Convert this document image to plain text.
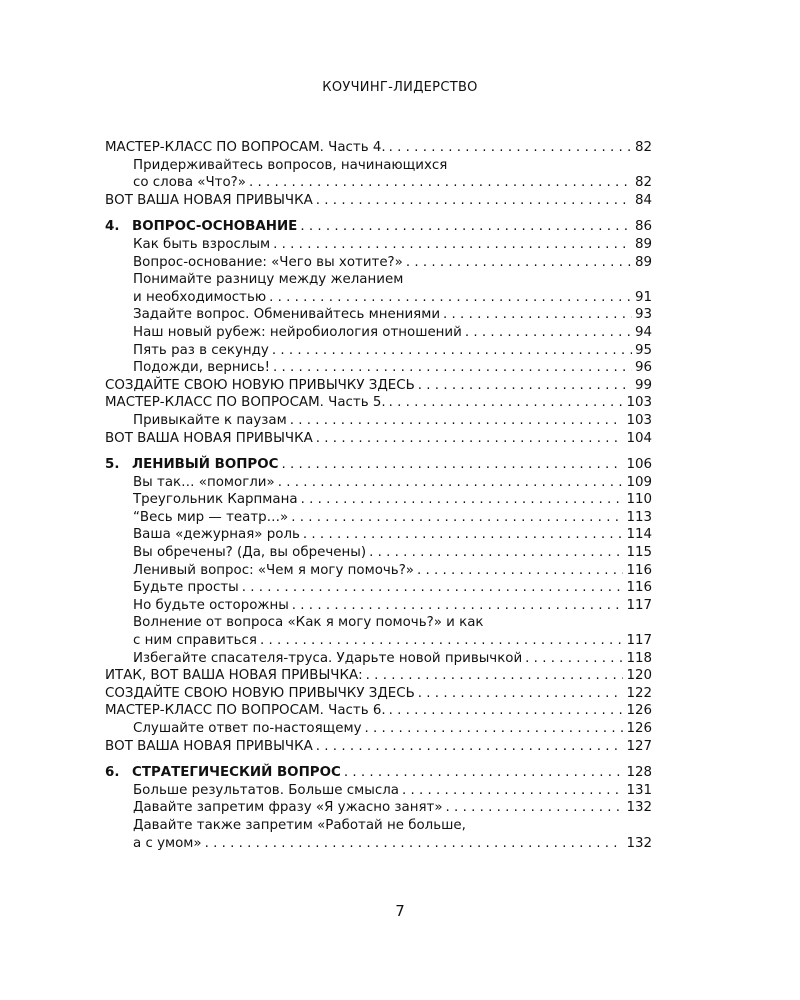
КОУЧИНГ-ЛИДЕРСТВО
МАСТЕР-КЛАСС ПО ВОПРОСАМ. Часть 4. . . .	82
Придерживайтесь вопросов, начинающихся
со слова «Что?» . . .	82
ВОТ ВАША НОВАЯ ПРИВЫЧКА . . .	84
4. ВОПРОС-ОСНОВАНИЕ . . .	86
Как быть взрослым . . .	89
Вопрос-основание: «Чего вы хотите?» . . .	89
Понимайте разницу между желанием
и необходимостью . . .	91
Задайте вопрос. Обменивайтесь мнениями . . .	93
Наш новый рубеж: нейробиология отношений . . .	94
Пять раз в секунду . . .	95
Подожди, вернись! . . .	96
СОЗДАЙТЕ СВОЮ НОВУЮ ПРИВЫЧКУ ЗДЕСЬ . . .	99
МАСТЕР-КЛАСС ПО ВОПРОСАМ. Часть 5. . . .	103
Привыкайте к паузам . . .	103
ВОТ ВАША НОВАЯ ПРИВЫЧКА . . .	104
5. ЛЕНИВЫЙ ВОПРОС . . .	106
Вы так… «помогли» . . .	109
Треугольник Карпмана . . .	110
“Весь мир — театр…» . . .	113
Ваша «дежурная» роль . . .	114
Вы обречены? (Да, вы обречены) . . .	115
Ленивый вопрос: «Чем я могу помочь?» . . .	116
Будьте просты . . .	116
Но будьте осторожны . . .	117
Волнение от вопроса «Как я могу помочь?» и как
с ним справиться . . .	117
Избегайте спасателя-труса. Ударьте новой привычкой . . .	118
ИТАК, ВОТ ВАША НОВАЯ ПРИВЫЧКА: . . .	120
СОЗДАЙТЕ СВОЮ НОВУЮ ПРИВЫЧКУ ЗДЕСЬ . . .	122
МАСТЕР-КЛАСС ПО ВОПРОСАМ. Часть 6. . . .	126
Слушайте ответ по-настоящему . . .	126
ВОТ ВАША НОВАЯ ПРИВЫЧКА . . .	127
6. СТРАТЕГИЧЕСКИЙ ВОПРОС . . .	128
Больше результатов. Больше смысла . . .	131
Давайте запретим фразу «Я ужасно занят» . . .	132
Давайте также запретим «Работай не больше,
а с умом» . . .	132
7
